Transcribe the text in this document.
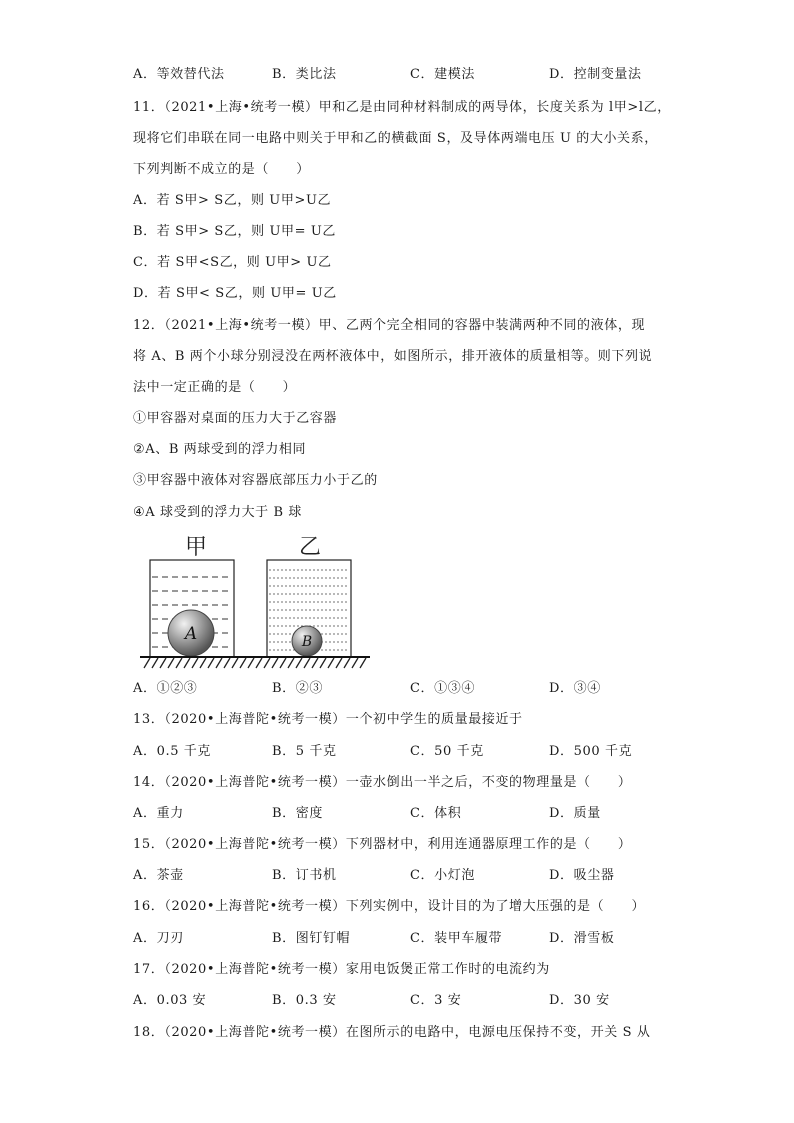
A．等效替代法	B．类比法	C．建模法	D．控制变量法
11．（2021•上海•统考一模）甲和乙是由同种材料制成的两导体，长度关系为 l甲>l乙，
现将它们串联在同一电路中则关于甲和乙的横截面 S，及导体两端电压 U 的大小关系，
下列判断不成立的是（　　）
A．若 S甲> S乙，则 U甲>U乙
B．若 S甲> S乙，则 U甲= U乙
C．若 S甲<S乙，则 U甲> U乙
D．若 S甲< S乙，则 U甲= U乙
12．（2021•上海•统考一模）甲、乙两个完全相同的容器中装满两种不同的液体，现
将 A、B 两个小球分别浸没在两杯液体中，如图所示，排开液体的质量相等。则下列说
法中一定正确的是（　　）
①甲容器对桌面的压力大于乙容器
②A、B 两球受到的浮力相同
③甲容器中液体对容器底部压力小于乙的
④A 球受到的浮力大于 B 球
甲	乙
A	B
A．①②③	B．②③	C．①③④	D．③④
13．（2020•上海普陀•统考一模）一个初中学生的质量最接近于
A．0.5 千克	B．5 千克	C．50 千克	D．500 千克
14．（2020•上海普陀•统考一模）一壶水倒出一半之后，不变的物理量是（　　）
A．重力	B．密度	C．体积	D．质量
15．（2020•上海普陀•统考一模）下列器材中，利用连通器原理工作的是（　　）
A．茶壶	B．订书机	C．小灯泡	D．吸尘器
16．（2020•上海普陀•统考一模）下列实例中，设计目的为了增大压强的是（　　）
A．刀刃	B．图钉钉帽	C．装甲车履带	D．滑雪板
17．（2020•上海普陀•统考一模）家用电饭煲正常工作时的电流约为
A．0.03 安	B．0.3 安	C．3 安	D．30 安
18．（2020•上海普陀•统考一模）在图所示的电路中，电源电压保持不变，开关 S 从
